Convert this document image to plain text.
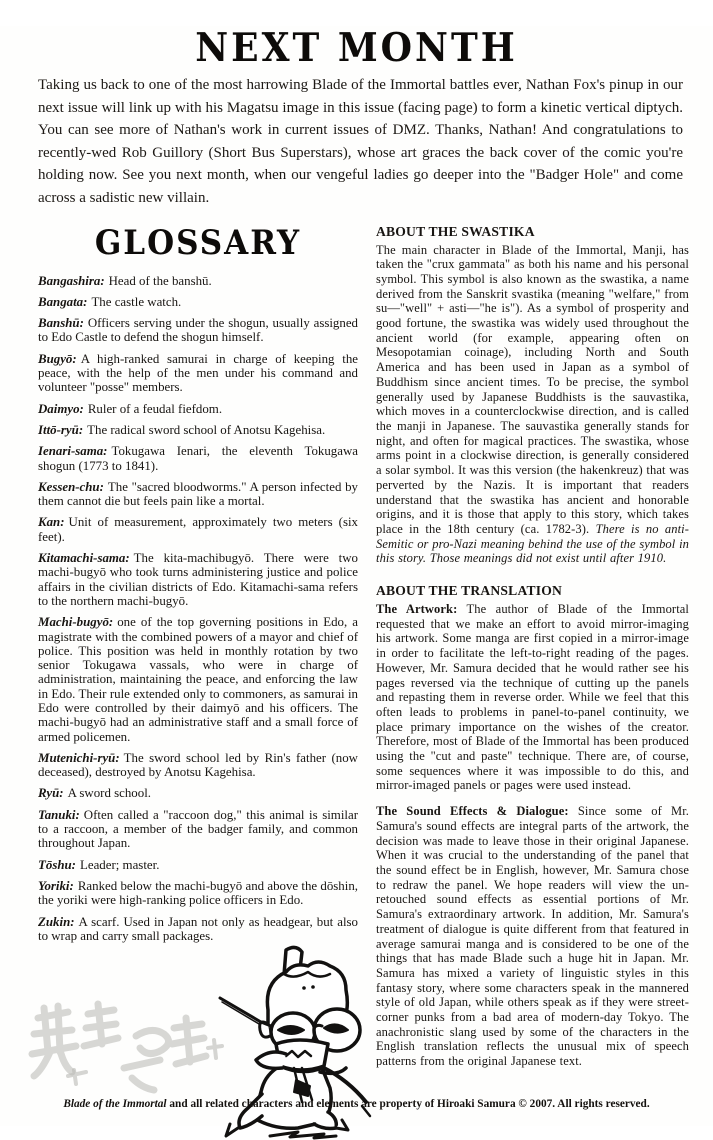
NEXT MONTH

Taking us back to one of the most harrowing Blade of the Immortal battles ever, Nathan Fox's pinup in our next issue will link up with his Magatsu image in this issue (facing page) to form a kinetic vertical diptych. You can see more of Nathan's work in current issues of DMZ. Thanks, Nathan! And congratulations to recently-wed Rob Guillory (Short Bus Superstars), whose art graces the back cover of the comic you're holding now. See you next month, when our vengeful ladies go deeper into the "Badger Hole" and come across a sadistic new villain.

GLOSSARY

Bangashira: Head of the banshū.

Bangata: The castle watch.

Banshū: Officers serving under the shogun, usually assigned to Edo Castle to defend the shogun himself.

Bugyō: A high-ranked samurai in charge of keeping the peace, with the help of the men under his command and volunteer "posse" members.

Daimyo: Ruler of a feudal fiefdom.

Ittō-ryū: The radical sword school of Anotsu Kagehisa.

Ienari-sama: Tokugawa Ienari, the eleventh Tokugawa shogun (1773 to 1841).

Kessen-chu: The "sacred bloodworms." A person infected by them cannot die but feels pain like a mortal.

Kan: Unit of measurement, approximately two meters (six feet).

Kitamachi-sama: The kita-machibugyō. There were two machi-bugyō who took turns administering justice and police affairs in the civilian districts of Edo. Kitamachi-sama refers to the northern machi-bugyō.

Machi-bugyō: one of the top governing positions in Edo, a magistrate with the combined powers of a mayor and chief of police. This position was held in monthly rotation by two senior Tokugawa vassals, who were in charge of administration, maintaining the peace, and enforcing the law in Edo. Their rule extended only to commoners, as samurai in Edo were controlled by their daimyō and his officers. The machi-bugyō had an administrative staff and a small force of armed policemen.

Mutenichi-ryū: The sword school led by Rin's father (now deceased), destroyed by Anotsu Kagehisa.

Ryū: A sword school.

Tanuki: Often called a "raccoon dog," this animal is similar to a raccoon, a member of the badger family, and common throughout Japan.

Tōshu: Leader; master.

Yoriki: Ranked below the machi-bugyō and above the dōshin, the yoriki were high-ranking police officers in Edo.

Zukin: A scarf. Used in Japan not only as headgear, but also to wrap and carry small packages.

ABOUT THE SWASTIKA

The main character in Blade of the Immortal, Manji, has taken the "crux gammata" as both his name and his personal symbol. This symbol is also known as the swastika, a name derived from the Sanskrit svastika (meaning "welfare," from su—"well" + asti—"he is"). As a symbol of prosperity and good fortune, the swastika was widely used throughout the ancient world (for example, appearing often on Mesopotamian coinage), including North and South America and has been used in Japan as a symbol of Buddhism since ancient times. To be precise, the symbol generally used by Japanese Buddhists is the sauvastika, which moves in a counterclockwise direction, and is called the manji in Japanese. The sauvastika generally stands for night, and often for magical practices. The swastika, whose arms point in a clockwise direction, is generally considered a solar symbol. It was this version (the hakenkreuz) that was perverted by the Nazis. It is important that readers understand that the swastika has ancient and honorable origins, and it is those that apply to this story, which takes place in the 18th century (ca. 1782-3). There is no anti-Semitic or pro-Nazi meaning behind the use of the symbol in this story. Those meanings did not exist until after 1910.

ABOUT THE TRANSLATION

The Artwork: The author of Blade of the Immortal requested that we make an effort to avoid mirror-imaging his artwork. Some manga are first copied in a mirror-image in order to facilitate the left-to-right reading of the pages. However, Mr. Samura decided that he would rather see his pages reversed via the technique of cutting up the panels and repasting them in reverse order. While we feel that this often leads to problems in panel-to-panel continuity, we place primary importance on the wishes of the creator. Therefore, most of Blade of the Immortal has been produced using the "cut and paste" technique. There are, of course, some sequences where it was impossible to do this, and mirror-imaged panels or pages were used instead.

The Sound Effects & Dialogue: Since some of Mr. Samura's sound effects are integral parts of the artwork, the decision was made to leave those in their original Japanese. When it was crucial to the understanding of the panel that the sound effect be in English, however, Mr. Samura chose to redraw the panel. We hope readers will view the un-retouched sound effects as essential portions of Mr. Samura's extraordinary artwork. In addition, Mr. Samura's treatment of dialogue is quite different from that featured in average samurai manga and is considered to be one of the things that has made Blade such a huge hit in Japan. Mr. Samura has mixed a variety of linguistic styles in this fantasy story, where some characters speak in the mannered style of old Japan, while others speak as if they were street-corner punks from a bad area of modern-day Tokyo. The anachronistic slang used by some of the characters in the English translation reflects the unusual mix of speech patterns from the original Japanese text.

Blade of the Immortal and all related characters and elements are property of Hiroaki Samura © 2007. All rights reserved.
